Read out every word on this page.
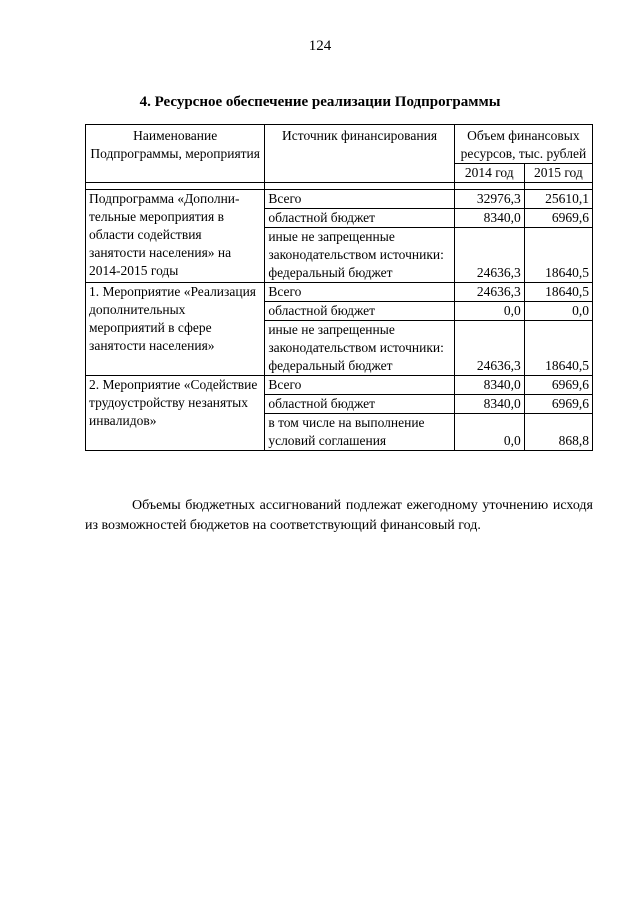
124
4. Ресурсное обеспечение реализации Подпрограммы
Наименование Подпрограммы, мероприятия	Источник финансирования	Объем финансовых ресурсов, тыс. рублей	
		2014 год	2015 год

Подпрограмма «Дополни-тельные мероприятия в области содействия занятости населения» на 2014-2015 годы	Всего	32976,3	25610,1
	областной бюджет	8340,0	6969,6
	иные не запрещенные законодательством источники: федеральный бюджет	24636,3	18640,5
1. Мероприятие «Реализация дополнительных мероприятий в сфере занятости населения»	Всего	24636,3	18640,5
	областной бюджет	0,0	0,0
	иные не запрещенные законодательством источники: федеральный бюджет	24636,3	18640,5
2. Мероприятие «Содействие трудоустройству незанятых инвалидов»	Всего	8340,0	6969,6
	областной бюджет	8340,0	6969,6
	в том числе на выполнение условий соглашения	0,0	868,8
Объемы бюджетных ассигнований подлежат ежегодному уточнению исходя из возможностей бюджетов на соответствующий финансовый год.
